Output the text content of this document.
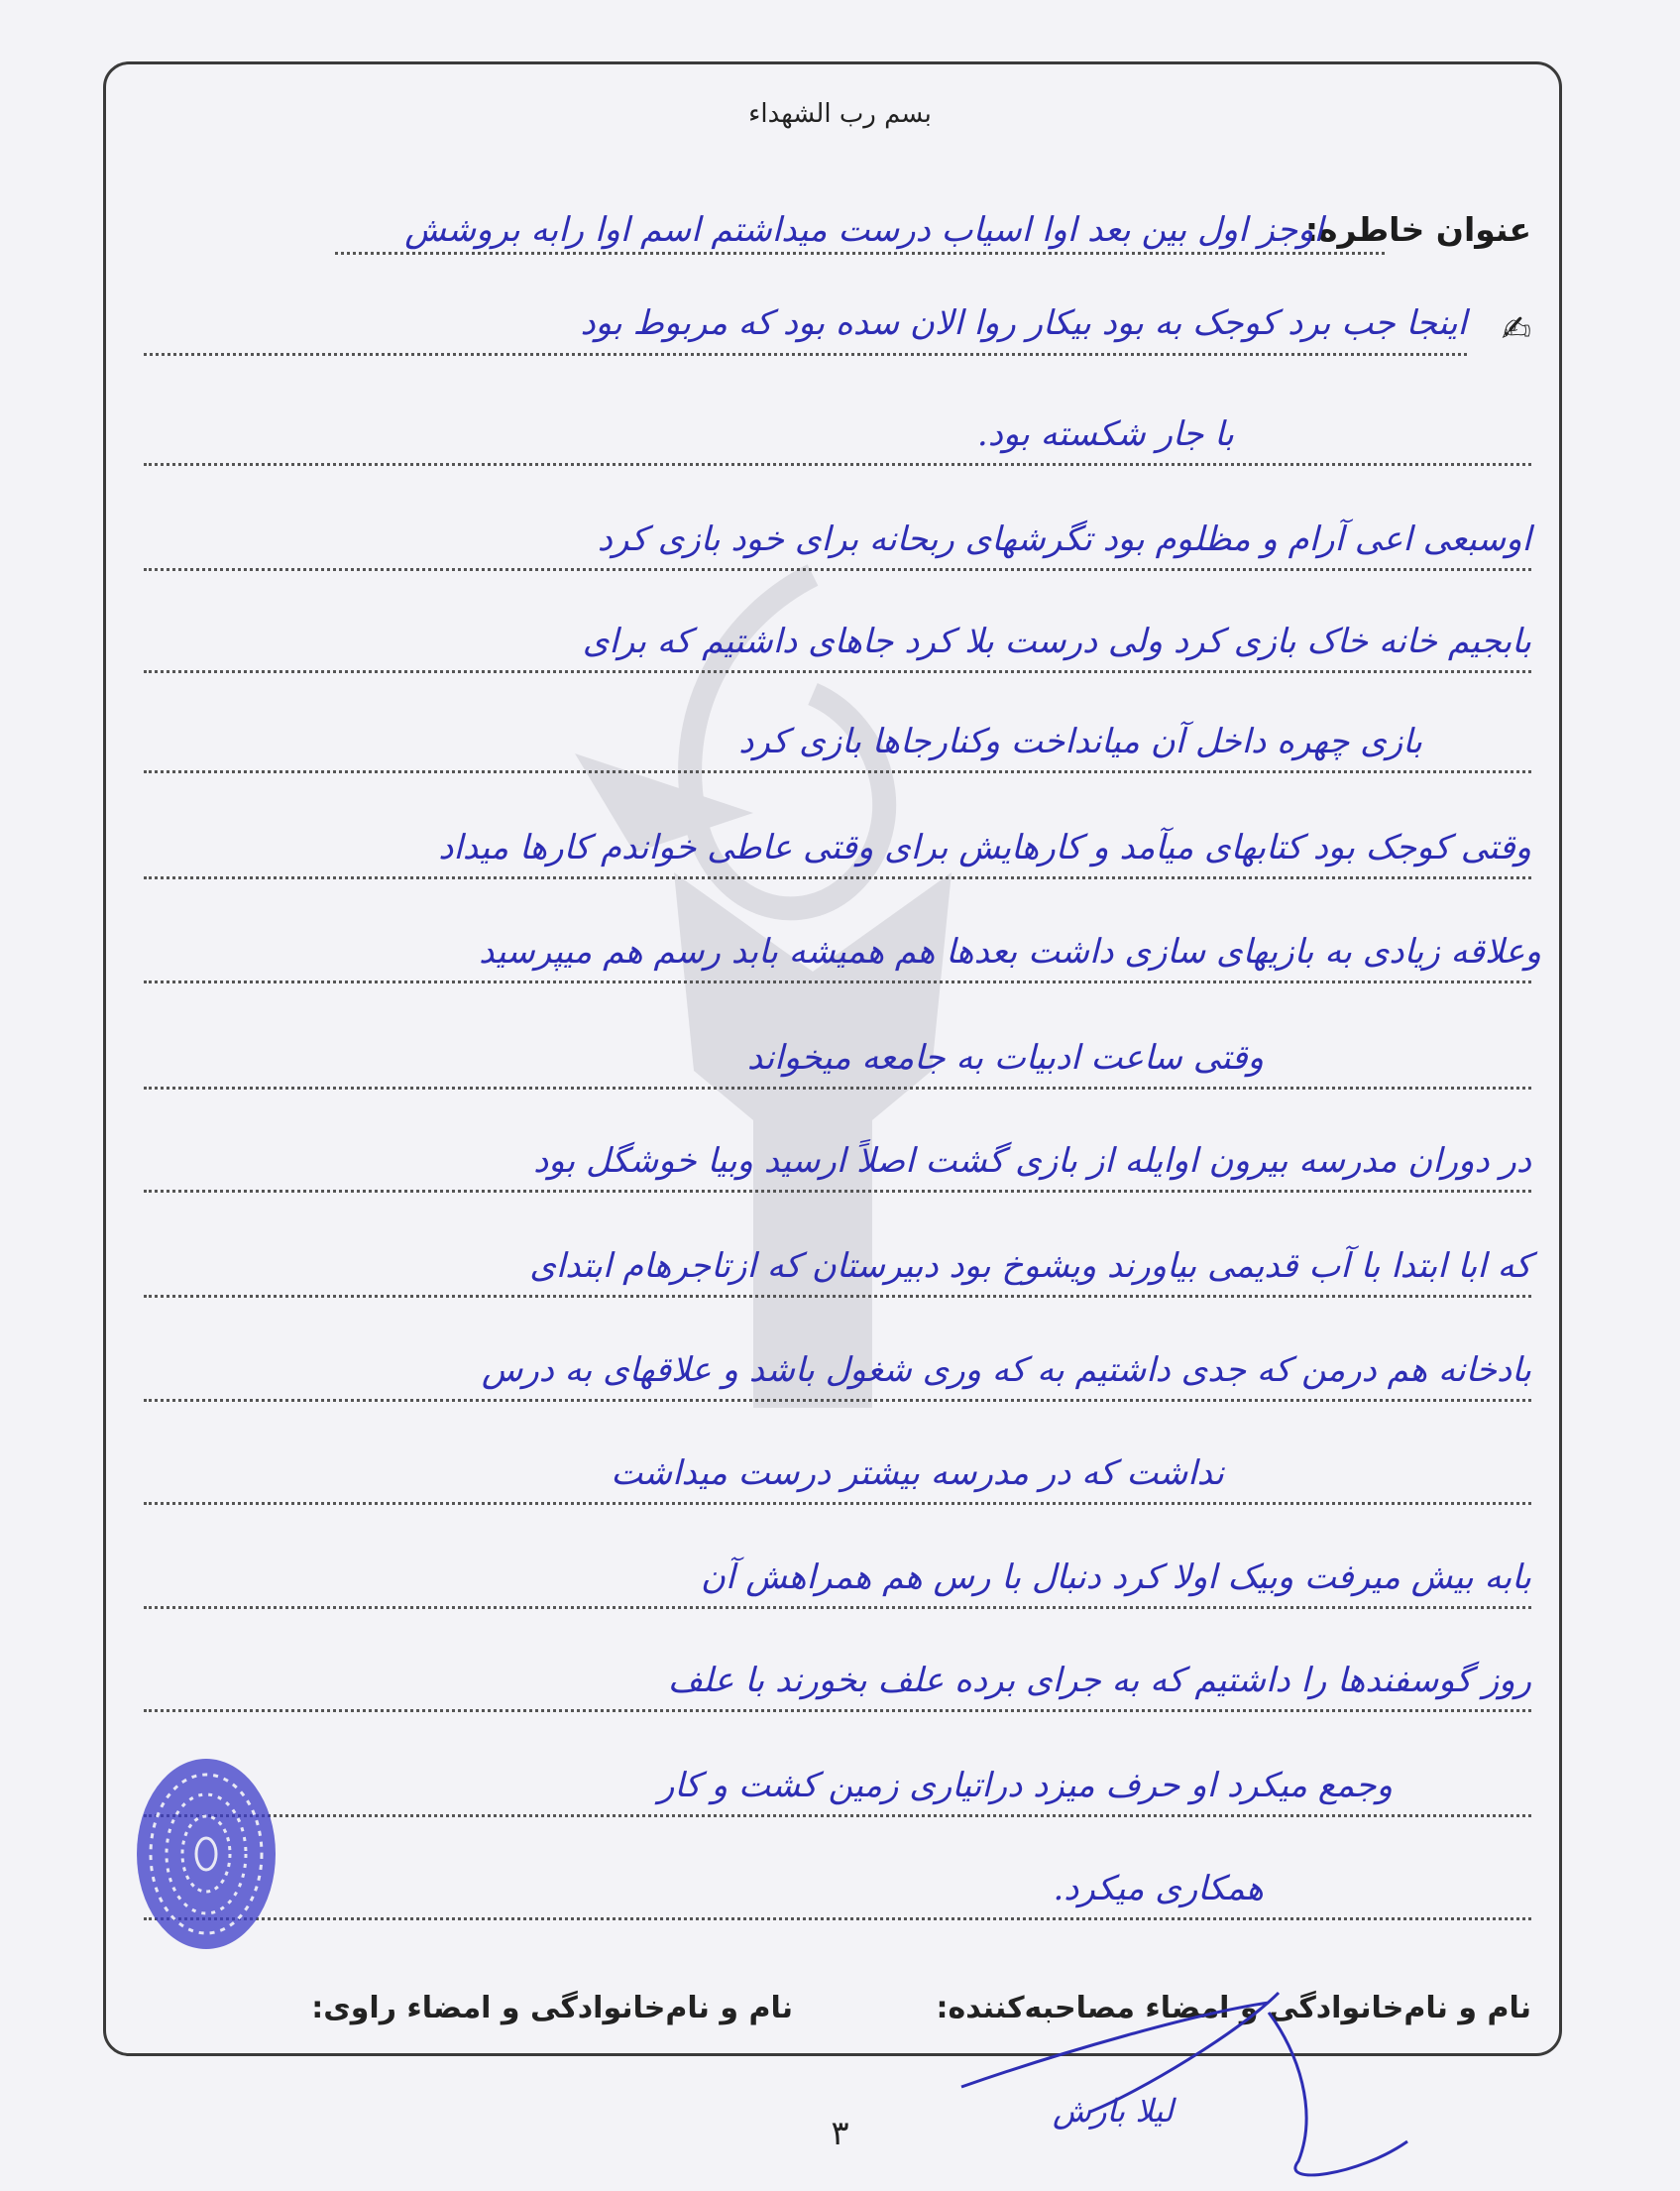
بسم رب الشهداء
عنوان خاطره:
اوجز اول بین بعد اوا اسیاب درست میداشتم اسم اوا رابه بروشش
✍
اینجا جب برد کوجک به بود بیکار روا الان سده بود که مربوط بود
با جار شکسته بود.
اوسبعی اعی آرام و مظلوم بود تگرشهای ربحانه برای خود بازی کرد
بابجیم خانه خاک بازی کرد ولی درست بلا کرد جاهای داشتیم که برای
بازی چهره داخل آن میانداخت وکنارجاها بازی کرد
وقتی کوجک بود کتابهای میآمد و کارهایش برای وقتی عاطی خواندم کارها میداد
وعلاقه زیادی به بازیهای سازی داشت بعدها هم همیشه بابد رسم هم میپرسید
وقتی ساعت ادبیات به جامعه میخواند
در دوران مدرسه بیرون اوایله از بازی گشت اصلاً ارسید وبیا خوشگل بود
که ابا ابتدا با آب قدیمی بیاورند ویشوخ بود دبیرستان که ازتاجرهام ابتدای
بادخانه هم درمن که جدی داشتیم به که وری شغول باشد و علاقهای به درس
نداشت که در مدرسه بیشتر درست میداشت
بابه بیش میرفت وبیک اولا کرد دنبال با رس هم همراهش آن
روز گوسفندها را داشتیم که به جرای برده علف بخورند با علف
وجمع میکرد او حرف میزد دراتیاری زمین کشت و کار
همکاری میکرد.
نام و نام‌خانوادگی و امضاء مصاحبه‌کننده:
نام و نام‌خانوادگی و امضاء راوی:
لیلا بارش
۳
